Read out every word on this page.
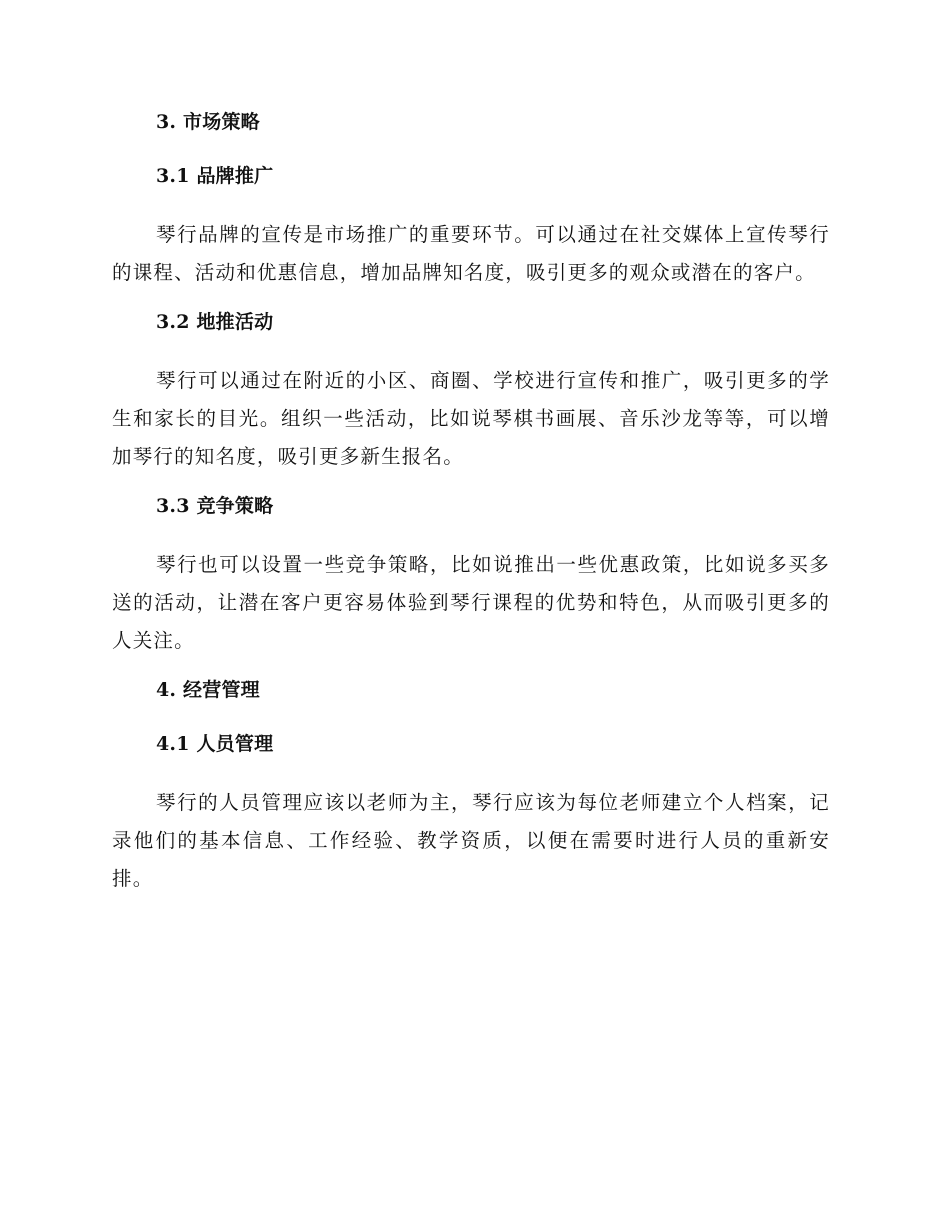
3. 市场策略
3.1 品牌推广

琴行品牌的宣传是市场推广的重要环节。可以通过在社交媒体上宣传琴行的课程、活动和优惠信息，增加品牌知名度，吸引更多的观众或潜在的客户。

3.2 地推活动

琴行可以通过在附近的小区、商圈、学校进行宣传和推广，吸引更多的学生和家长的目光。组织一些活动，比如说琴棋书画展、音乐沙龙等等，可以增加琴行的知名度，吸引更多新生报名。

3.3 竞争策略

琴行也可以设置一些竞争策略，比如说推出一些优惠政策，比如说多买多送的活动，让潜在客户更容易体验到琴行课程的优势和特色，从而吸引更多的人关注。

4. 经营管理
4.1 人员管理

琴行的人员管理应该以老师为主，琴行应该为每位老师建立个人档案，记录他们的基本信息、工作经验、教学资质，以便在需要时进行人员的重新安排。
